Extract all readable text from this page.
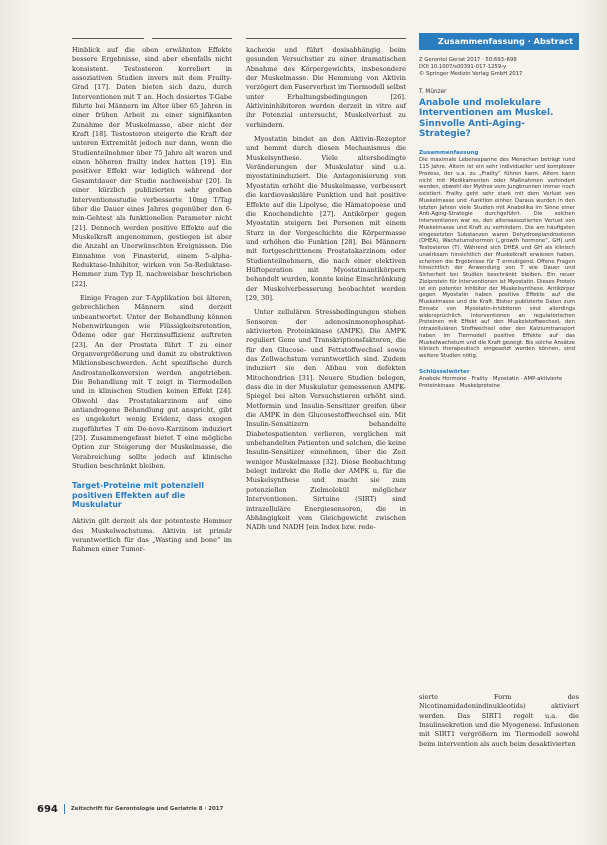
Hinblick auf die oben erwähnten Effekte bessere Ergebnisse, sind aber ebenfalls nicht konsistent. Testosteron korreliert in assoziativen Studien invers mit dem Frailty-Grad [17]. Daten bieten sich dazu, durch Interventionen mit T an. Hoch dosiertes T-Gabe führte bei Männern im Alter über 65 Jahren in einer frühen Arbeit zu einer signifikanten Zunahme der Muskelmasse, aber nicht der Kraft [18]. Testosteron steigerte die Kraft der unteren Extremität jedoch nur dann, wenn die Studienteilnehmer über 75 Jahre alt waren und einen höheren frailty index hatten [19]. Ein positiver Effekt war lediglich während der Gesamtdauer der Studie nachweisbar [20]. In einer kürzlich publizierten sehr großen Interventionsstudie verbesserte 10mg T/Tag über die Dauer eines Jahres gegenüber den 6-min-Gehtest als funktionellen Parameter nicht [21]. Dennoch werden positive Effekte auf die Muskelkraft angenommen, gestiegen ist aber die Anzahl an Unerwünschten Ereignissen. Die Einnahme von Finasterid, einem 5-alpha-Reduktase-Inhibitor, wirken von 5α-Reduktase-Hemmer zum Typ II, nachweisbar beschrieben [22].

Einige Fragen zur T-Applikation bei älteren, gebrechlichen Männern sind derzeit unbeantwortet. Unter der Behandlung können Nebenwirkungen wie Flüssigkeitsretention, Ödeme oder gar Herzinsuffizienz auftreten [23]. An der Prostata führt T zu einer Organvergrößerung und damit zu obstruktiven Miktionsbeschwerden. Acht spezifische durch Androstanolkonversion werden angetrieben. Die Behandlung mit T zeigt in Tiermodellen und in klinischen Studien keinen Effekt [24]. Obwohl das Prostatakarzinom auf eine antiandrogene Behandlung gut anspricht, gibt es ungekehrt wenig Evidenz, dass exogen zugeführtes T ein De-novo-Karzinom induziert [25]. Zusammengefasst bietet T eine mögliche Option zur Steigerung der Muskelmasse, die Verabreichung sollte jedoch auf klinische Studien beschränkt bleiben.

Target-Proteine mit potenziell positiven Effekten auf die Muskulatur

Aktivin gilt derzeit als der potenteste Hemmer des Muskelwachstums. Aktivin ist primär verantwortlich für das „Wasting and bone“ im Rahmen einer Tumor-

kachexie und führt dosisabhängig beim gesunden Versuchstier zu einer dramatischen Abnahme des Körpergewichts, insbesondere der Muskelmasse. Die Hemmung von Aktivin verzögert den Faserverlust im Tiermodell selbst unter Erhaltungsbedingungen [26]. Aktivininhibitoren werden derzeit in vitro auf ihr Potenzial untersucht, Muskelverlust zu verhindern.

Myostatin bindet an den Aktivin-Rezeptor und hemmt durch diesen Mechanismus die Muskelsynthese. Viele altersbedingte Veränderungen der Muskulatur sind u.a. myostatininduziert. Die Antagonisierung von Myostatin erhöht die Muskelmasse, verbessert die kardiovaskuläre Funktion und hat positive Effekte auf die Lipolyse, die Hämatopoese und die Knochendichte [27]. Antikörper gegen Myostatin steigern bei Personen mit einem Sturz in der Vorgeschichte die Körpermasse und erhöhen die Funktion [28]. Bei Männern mit fortgeschrittenem Prostatakarzinom oder Studienteilnehmern, die nach einer elektiven Hüftoperation mit Myostatinantikörpern behandelt wurden, konnte keine Einschränkung der Muskelverbesserung beobachtet werden [29, 30].

Unter zellulären Stressbedingungen stehen Sensoren der adenosinmonophosphat-aktivierten Proteinkinase (AMPK). Die AMPK reguliert Gene und Transkriptionsfaktoren, die für den Glucose- und Fettstoffwechsel sowie das Zellwachstum verantwortlich sind. Zudem induziert sie den Abbau von defekten Mitochondrien [31]. Neuere Studien belegen, dass die in der Muskulatur gemessenen AMPK-Spiegel bei alten Versuchstieren erhöht sind. Metformin und Insulin-Sensitizer greifen über die AMPK in den Glucosestoffwechsel ein. Mit Insulin-Sensitizern behandelte Diabetespatienten verlieren, verglichen mit unbehandelten Patienten und solchen, die keine Insulin-Sensitizer einnehmen, über die Zeit weniger Muskelmasse [32]. Diese Beobachtung belegt indirekt die Rolle der AMPK u. für die Muskelsynthese und macht sie zum potenziellen Zielmolekül möglicher Interventionen. Sirtuine (SIRT) sind intrazelluläre Energiesensoren, die in Abhängigkeit vom Gleichgewicht zwischen NADh und NADH [ein Index bzw. rede-

Zusammenfassung · Abstract
Z Gerontol Geriat 2017 · 50:693–698
DOI 10.1007/s00391-017-1259-y
© Springer Medizin Verlag GmbH 2017
T. Münzer
Anabole und molekulare Interventionen am Muskel. Sinnvolle Anti-Aging-Strategie?
Zusammenfassung

Die maximale Lebensspanne des Menschen beträgt rund 115 Jahre. Altern ist ein sehr individueller und komplexer Prozess, der u.a. zu „Frailty“ führen kann. Altern kann nicht mit Medikamenten oder Maßnahmen verhindert werden, obwohl der Mythos vom Jungbrunnen immer noch existiert. Frailty geht sehr stark mit dem Verlust von Muskelmasse und -funktion einher. Daraus wurden in den letzten Jahren viele Studien mit Anabolika im Sinne einer Anti-Aging-Strategie durchgeführt. Die solchen Interventionen war es, den altersassoziierten Verlust von Muskelmasse und Kraft zu verhindern. Die am häufigsten eingesetzten Substanzen waren Dehydroepiandrosteron (DHEA), Wachstumshormon („growth hormone“, GH) und Testosteron (T). Während sich DHEA und GH als klinisch unwirksam hinsichtlich der Muskelkraft erwiesen haben, scheinen die Ergebnisse für T ermutigend. Offene Fragen hinsichtlich der Anwendung von T wie Dauer und Sicherheit bei Studien beschränkt bleiben. Ein neuer Zielprotein für Interventionen ist Myostatin. Dieses Protein ist ein potenter Inhibitor der Muskelsynthese. Antikörper gegen Myostatin haben positive Effekte auf die Muskelmasse und die Kraft. Bisher publizierte Daten zum Einsatz von Myostatin-Inhibitoren sind allerdings widersprüchlich. Interventionen an regulatorischen Proteinen mit Effekt auf den Muskelstoffwechsel, den intrazellulären Stoffwechsel oder den Kalziumtransport haben im Tiermodell positive Effekte auf das Muskelwachstum und die Kraft gezeigt. Bis solche Ansätze klinisch therapeutisch eingesetzt werden können, sind weitere Studien nötig.

Schlüsselwörter

Anabole Hormone · Frailty · Myostatin · AMP-aktivierte Proteinkinase · Muskelproteine

sierte Form des Nicotinamidadenindinukleotids) aktiviert werden. Das SIRT1 regelt u.a. die Insulinsekretion und die Myogenese. Infusionen mit SIRT1 vergrößern im Tiermodell sowohl beim intervention als auch beim desaktivierten

694 Zeitschrift für Gerontologie und Geriatrie 8 · 2017
